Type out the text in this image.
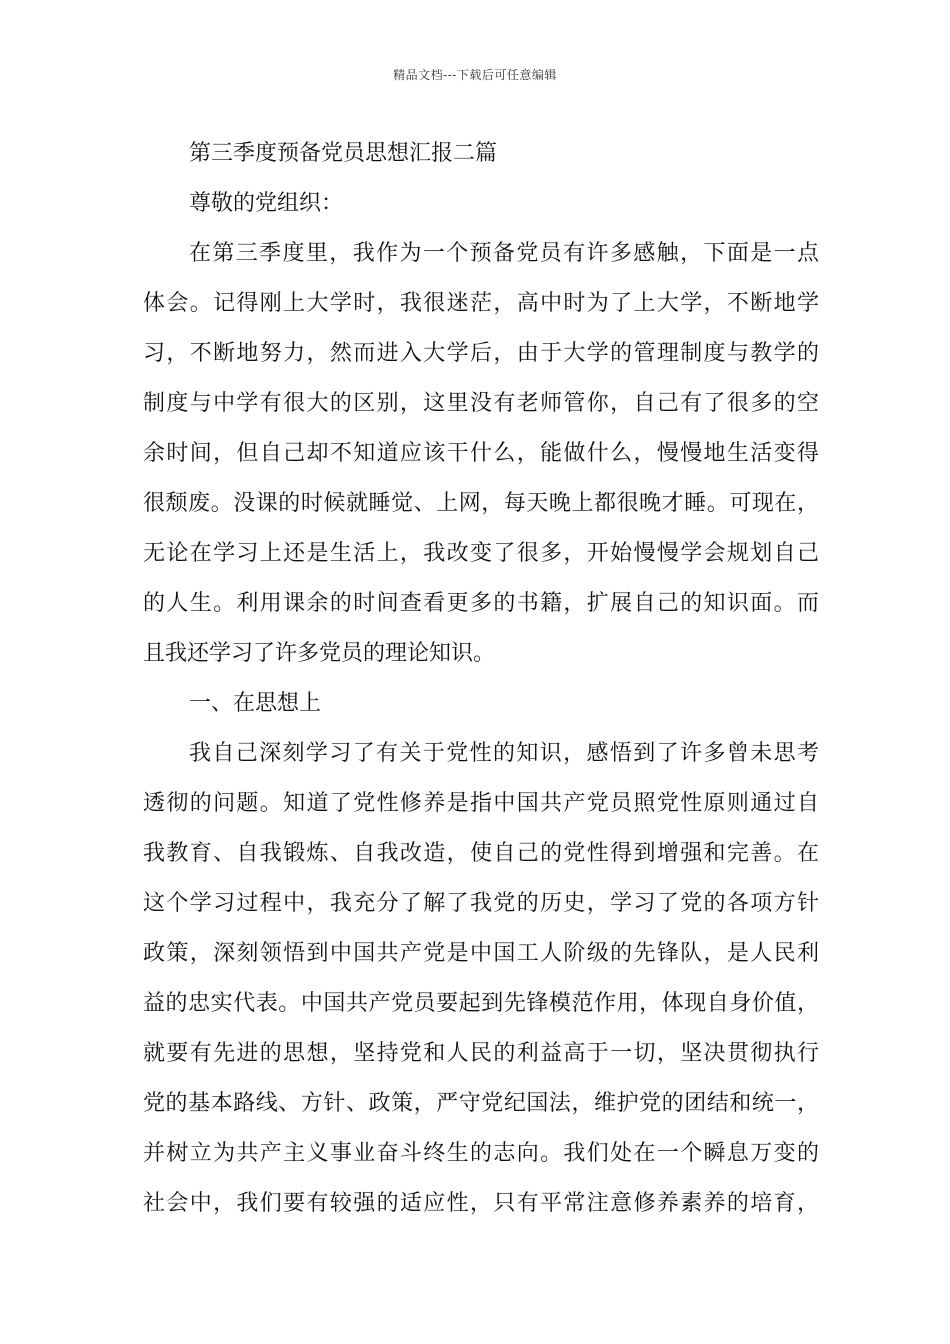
精品文档---下载后可任意编辑
第三季度预备党员思想汇报二篇
尊敬的党组织：
在第三季度里，我作为一个预备党员有许多感触，下面是一点
体会。记得刚上大学时，我很迷茫，高中时为了上大学，不断地学
习，不断地努力，然而进入大学后，由于大学的管理制度与教学的
制度与中学有很大的区别，这里没有老师管你，自己有了很多的空
余时间，但自己却不知道应该干什么，能做什么，慢慢地生活变得
很颓废。没课的时候就睡觉、上网，每天晚上都很晚才睡。可现在，
无论在学习上还是生活上，我改变了很多，开始慢慢学会规划自己
的人生。利用课余的时间查看更多的书籍，扩展自己的知识面。而
且我还学习了许多党员的理论知识。
一、在思想上
我自己深刻学习了有关于党性的知识，感悟到了许多曾未思考
透彻的问题。知道了党性修养是指中国共产党员照党性原则通过自
我教育、自我锻炼、自我改造，使自己的党性得到增强和完善。在
这个学习过程中，我充分了解了我党的历史，学习了党的各项方针
政策，深刻领悟到中国共产党是中国工人阶级的先锋队，是人民利
益的忠实代表。中国共产党员要起到先锋模范作用，体现自身价值，
就要有先进的思想，坚持党和人民的利益高于一切，坚决贯彻执行
党的基本路线、方针、政策，严守党纪国法，维护党的团结和统一，
并树立为共产主义事业奋斗终生的志向。我们处在一个瞬息万变的
社会中，我们要有较强的适应性，只有平常注意修养素养的培育，
